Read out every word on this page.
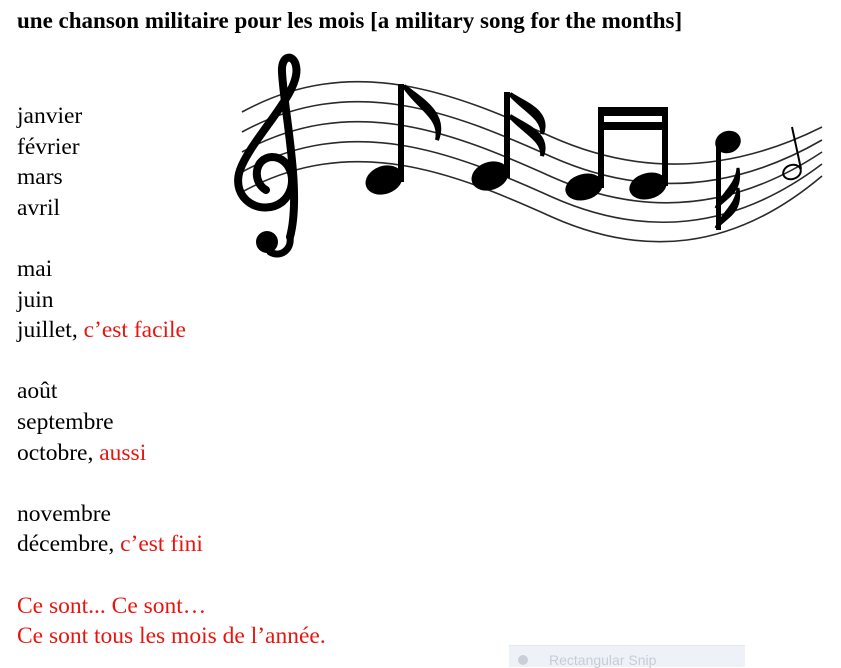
une chanson militaire pour les mois [a military song for the months]
janvier
février
mars
avril
mai
juin
juillet, c’est facile
août
septembre
octobre, aussi
novembre
décembre, c’est fini
Ce sont... Ce sont…
Ce sont tous les mois de l’année.
Rectangular Snip
